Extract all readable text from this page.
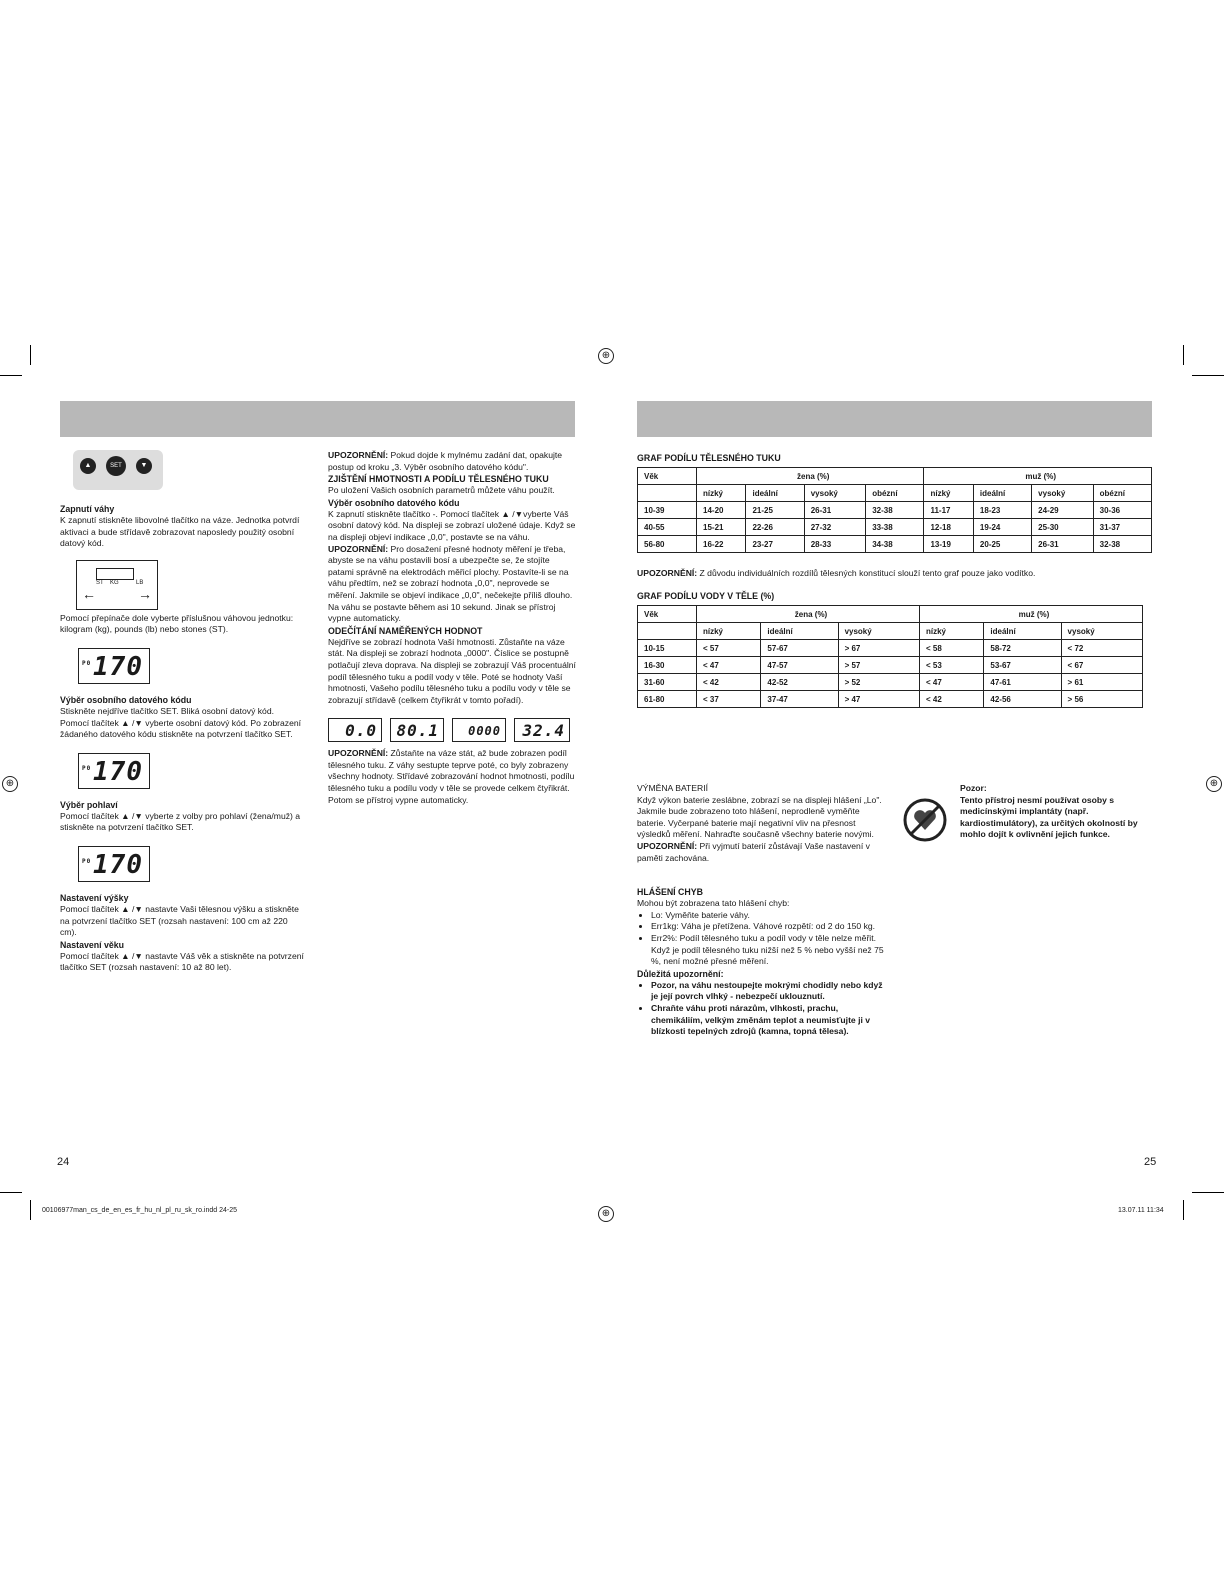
⊕
⊕	⊕
⊕
▲	SET	▼

Zapnutí váhy

K zapnutí stiskněte libovolné tlačítko na váze. Jednotka potvrdí aktivaci a bude střídavě zobrazovat naposledy použitý osobní datový kód.

ST KG	LB
←	→

Pomocí přepínače dole vyberte příslušnou váhovou jednotku: kilogram (kg), pounds (lb) nebo stones (ST).

170
P0

Výběr osobního datového kódu

Stiskněte nejdříve tlačítko SET. Bliká osobní datový kód. Pomocí tlačítek ▲ /▼ vyberte osobní datový kód. Po zobrazení žádaného datového kódu stiskněte na potvrzení tlačítko SET.

170
P0

Výběr pohlaví

Pomocí tlačítek ▲ /▼ vyberte z volby pro pohlaví (žena/muž) a stiskněte na potvrzení tlačítko SET.

170
P0

Nastavení výšky

Pomocí tlačítek ▲ /▼ nastavte Vaši tělesnou výšku a stiskněte na potvrzení tlačítko SET (rozsah nastavení: 100 cm až 220 cm).

Nastavení věku

Pomocí tlačítek ▲ /▼ nastavte Váš věk a stiskněte na potvrzení tlačítko SET (rozsah nastavení: 10 až 80 let).

UPOZORNĚNÍ: Pokud dojde k mylnému zadání dat, opakujte postup od kroku „3. Výběr osobního datového kódu".

ZJIŠTĚNÍ HMOTNOSTI A PODÍLU TĚLESNÉHO TUKU

Po uložení Vašich osobních parametrů můžete váhu použít.

Výběr osobního datového kódu

K zapnutí stiskněte tlačítko -. Pomocí tlačítek ▲ /▼vyberte Váš osobní datový kód. Na displeji se zobrazí uložené údaje. Když se na displeji objeví indikace „0,0", postavte se na váhu.

UPOZORNĚNÍ: Pro dosažení přesné hodnoty měření je třeba, abyste se na váhu postavili bosí a ubezpečte se, že stojíte patami správně na elektrodách měřicí plochy. Postavíte-li se na váhu předtím, než se zobrazí hodnota „0,0", neprovede se měření. Jakmile se objeví indikace „0,0", nečekejte příliš dlouho. Na váhu se postavte během asi 10 sekund. Jinak se přístroj vypne automaticky.

ODEČÍTÁNÍ NAMĚŘENÝCH HODNOT

Nejdříve se zobrazí hodnota Vaší hmotnosti. Zůstaňte na váze stát. Na displeji se zobrazí hodnota „0000". Číslice se postupně potlačují zleva doprava. Na displeji se zobrazují Váš procentuální podíl tělesného tuku a podíl vody v těle. Poté se hodnoty Vaší hmotnosti, Vašeho podílu tělesného tuku a podílu vody v těle se zobrazují střídavě (celkem čtyřikrát v tomto pořadí).

0.0	80.1	0000	32.4

UPOZORNĚNÍ: Zůstaňte na váze stát, až bude zobrazen podíl tělesného tuku. Z váhy sestupte teprve poté, co byly zobrazeny všechny hodnoty. Střídavé zobrazování hodnot hmotnosti, podílu tělesného tuku a podílu vody v těle se provede celkem čtyřikrát. Potom se přístroj vypne automaticky.

GRAF PODÍLU TĚLESNÉHO TUKU
Věk	žena (%)				muž (%)			
	nízký	ideální	vysoký	obézní	nízký	ideální	vysoký	obézní
10-39	14-20	21-25	26-31	32-38	11-17	18-23	24-29	30-36
40-55	15-21	22-26	27-32	33-38	12-18	19-24	25-30	31-37
56-80	16-22	23-27	28-33	34-38	13-19	20-25	26-31	32-38
UPOZORNĚNÍ: Z důvodu individuálních rozdílů tělesných konstitucí slouží tento graf pouze jako vodítko.
GRAF PODÍLU VODY V TĚLE (%)
Věk	žena (%)			muž (%)		
	nízký	ideální	vysoký	nízký	ideální	vysoký
10-15	< 57	57-67	> 67	< 58	58-72	< 72
16-30	< 47	47-57	> 57	< 53	53-67	< 67
31-60	< 42	42-52	> 52	< 47	47-61	> 61
61-80	< 37	37-47	> 47	< 42	42-56	> 56

VÝMĚNA BATERIÍ

Když výkon baterie zeslábne, zobrazí se na displeji hlášení „Lo". Jakmile bude zobrazeno toto hlášení, neprodleně vyměňte baterie. Vyčerpané baterie mají negativní vliv na přesnost výsledků měření. Nahraďte současně všechny baterie novými.

UPOZORNĚNÍ: Při vyjmutí baterií zůstávají Vaše nastavení v paměti zachována.

HLÁŠENÍ CHYB

Mohou být zobrazena tato hlášení chyb:

• Lo: Vyměňte baterie váhy.
• Err1kg: Váha je přetížena. Váhové rozpětí: od 2 do 150 kg.
• Err2%: Podíl tělesného tuku a podíl vody v těle nelze měřit. Když je podíl tělesného tuku nižší než 5 % nebo vyšší než 75 %, není možné přesné měření.

Důležitá upozornění:

• Pozor, na váhu nestoupejte mokrými chodidly nebo když je její povrch vlhký - nebezpečí uklouznutí.
• Chraňte váhu proti nárazům, vlhkosti, prachu, chemikáliím, velkým změnám teplot a neumisťujte ji v blízkosti tepelných zdrojů (kamna, topná tělesa).

Pozor:

Tento přístroj nesmí používat osoby s medicínskými implantáty (např. kardiostimulátory), za určitých okolností by mohlo dojít k ovlivnění jejich funkce.

24	25
00106977man_cs_de_en_es_fr_hu_nl_pl_ru_sk_ro.indd 24-25	13.07.11 11:34
